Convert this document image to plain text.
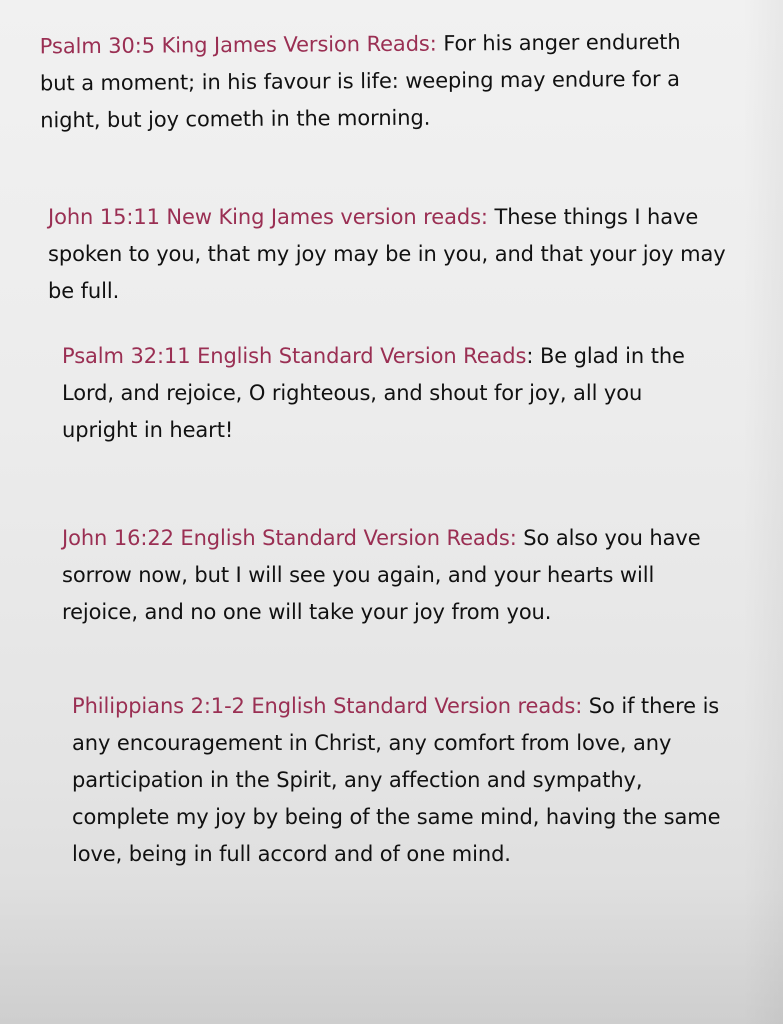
Psalm 30:5 King James Version Reads: For his anger endureth but a moment; in his favour is life: weeping may endure for a night, but joy cometh in the morning.
John 15:11 New King James version reads: These things I have spoken to you, that my joy may be in you, and that your joy may be full.
Psalm 32:11 English Standard Version Reads: Be glad in the Lord, and rejoice, O righteous, and shout for joy, all you upright in heart!
John 16:22 English Standard Version Reads: So also you have sorrow now, but I will see you again, and your hearts will rejoice, and no one will take your joy from you.
Philippians 2:1-2 English Standard Version reads: So if there is any encouragement in Christ, any comfort from love, any participation in the Spirit, any affection and sympathy, complete my joy by being of the same mind, having the same love, being in full accord and of one mind.
